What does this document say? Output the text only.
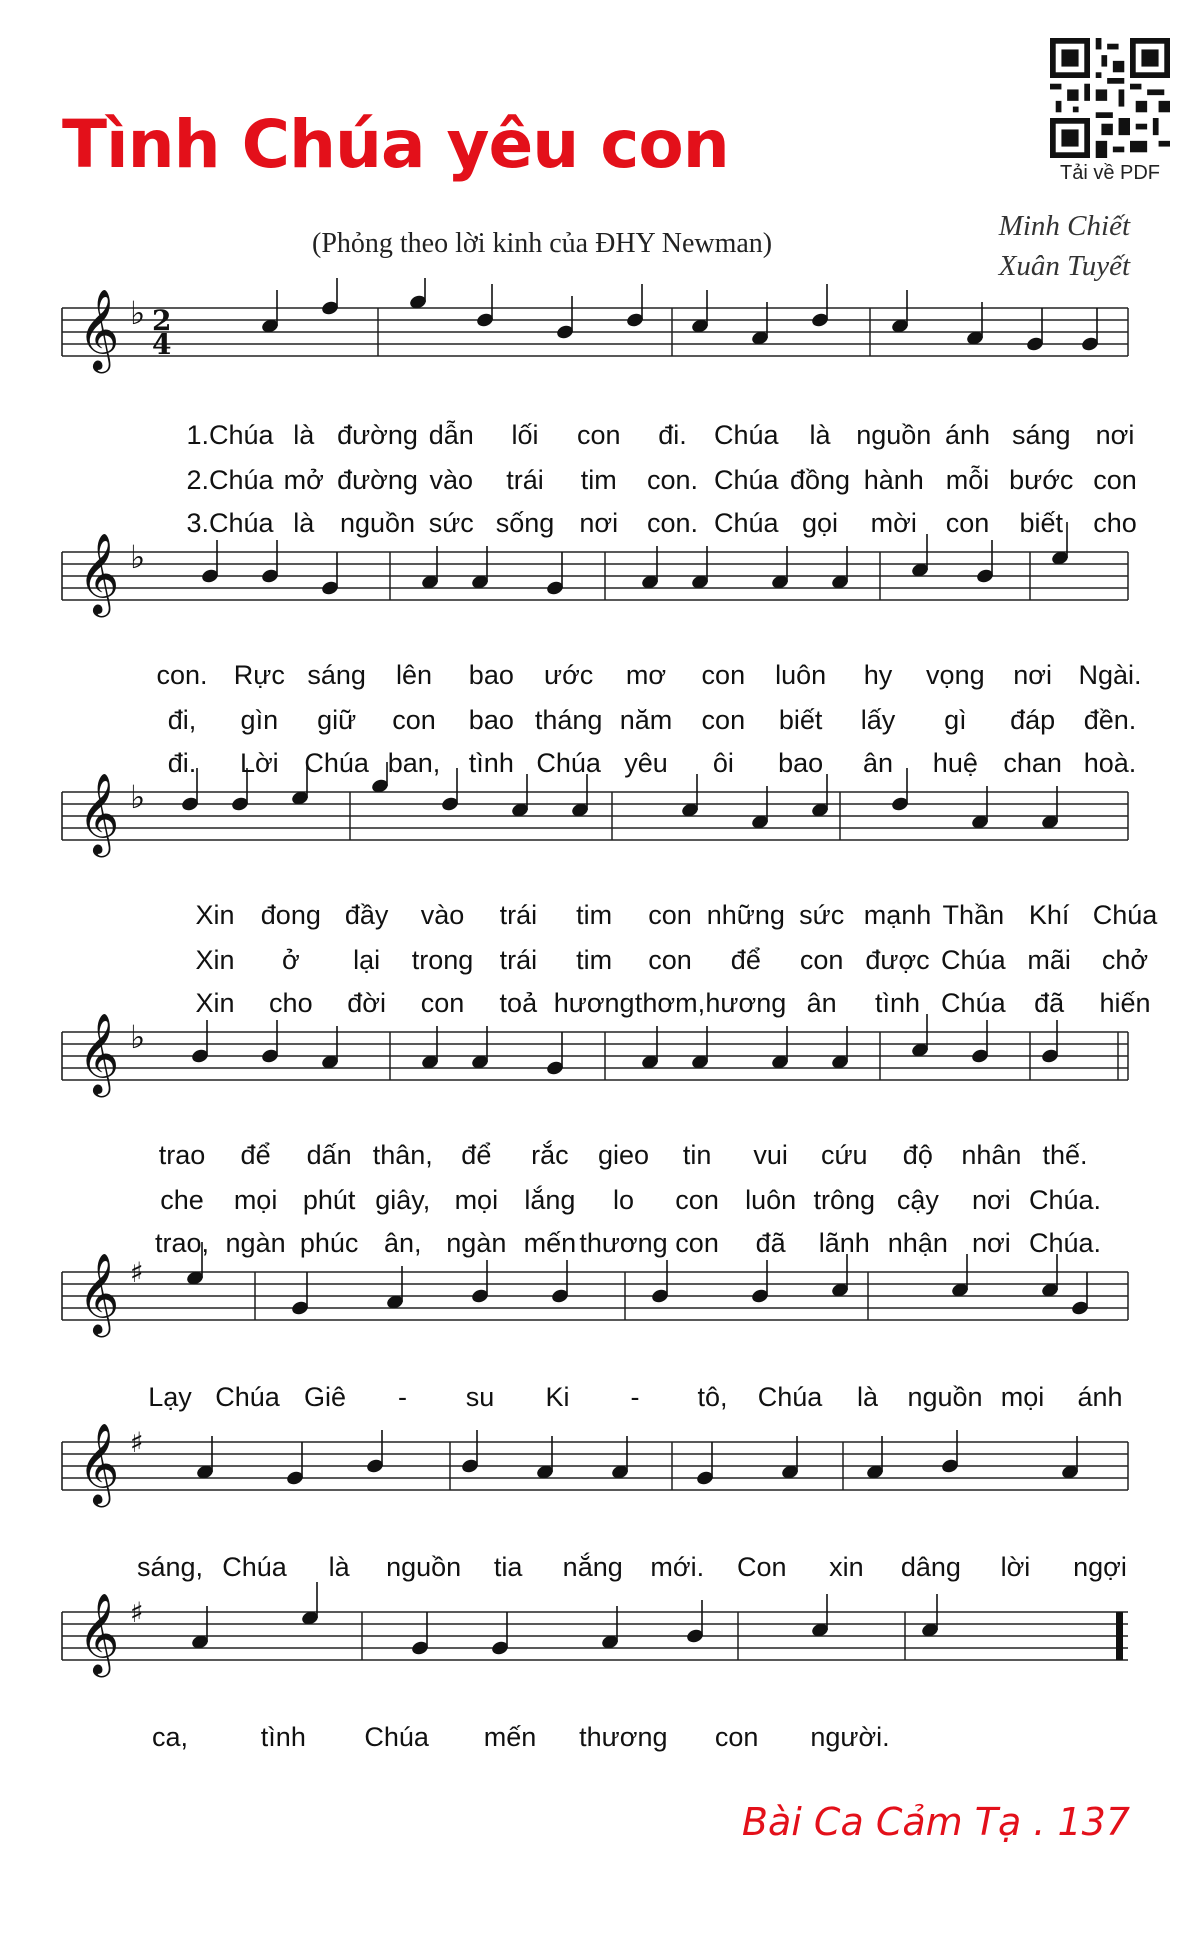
Tình Chúa yêu con
(Phỏng theo lời kinh của ĐHY Newman)
Minh Chiết
Xuân Tuyết
Tải về PDF
𝄞 ♭ 2
4
1.Chúa là đường dẫn lối con đi. Chúa là nguồn ánh sáng nơi
2.Chúa mở đường vào trái tim con. Chúa đồng hành mỗi bước con
3.Chúa là nguồn sức sống nơi con. Chúa gọi mời con biết cho
𝄞 ♭
con. Rực sáng lên bao ước mơ con luôn hy vọng nơi Ngài.
đi, gìn giữ con bao tháng năm con biết lấy gì đáp đền.
đi. Lời Chúa ban, tình Chúa yêu ôi bao ân huệ chan hoà.
𝄞 ♭
Xin đong đầy vào trái tim con những sức mạnh Thần Khí Chúa
Xin ở lại trong trái tim con để con được Chúa mãi chở
Xin cho đời con toả hương thơm, hương ân tình Chúa đã hiến
𝄞 ♭
trao để dấn thân, để rắc gieo tin vui cứu độ nhân thế.
che mọi phút giây, mọi lắng lo con luôn trông cậy nơi Chúa.
trao, ngàn phúc ân, ngàn mến thương con đã lãnh nhận nơi Chúa.
𝄞 ♯
Lạy Chúa Giê - su Ki - tô, Chúa là nguồn mọi ánh
𝄞 ♯
sáng, Chúa là nguồn tia nắng mới. Con xin dâng lời ngợi
𝄞 ♯
ca,	tình Chúa mến thương con người.
Bài Ca Cảm Tạ . 137
